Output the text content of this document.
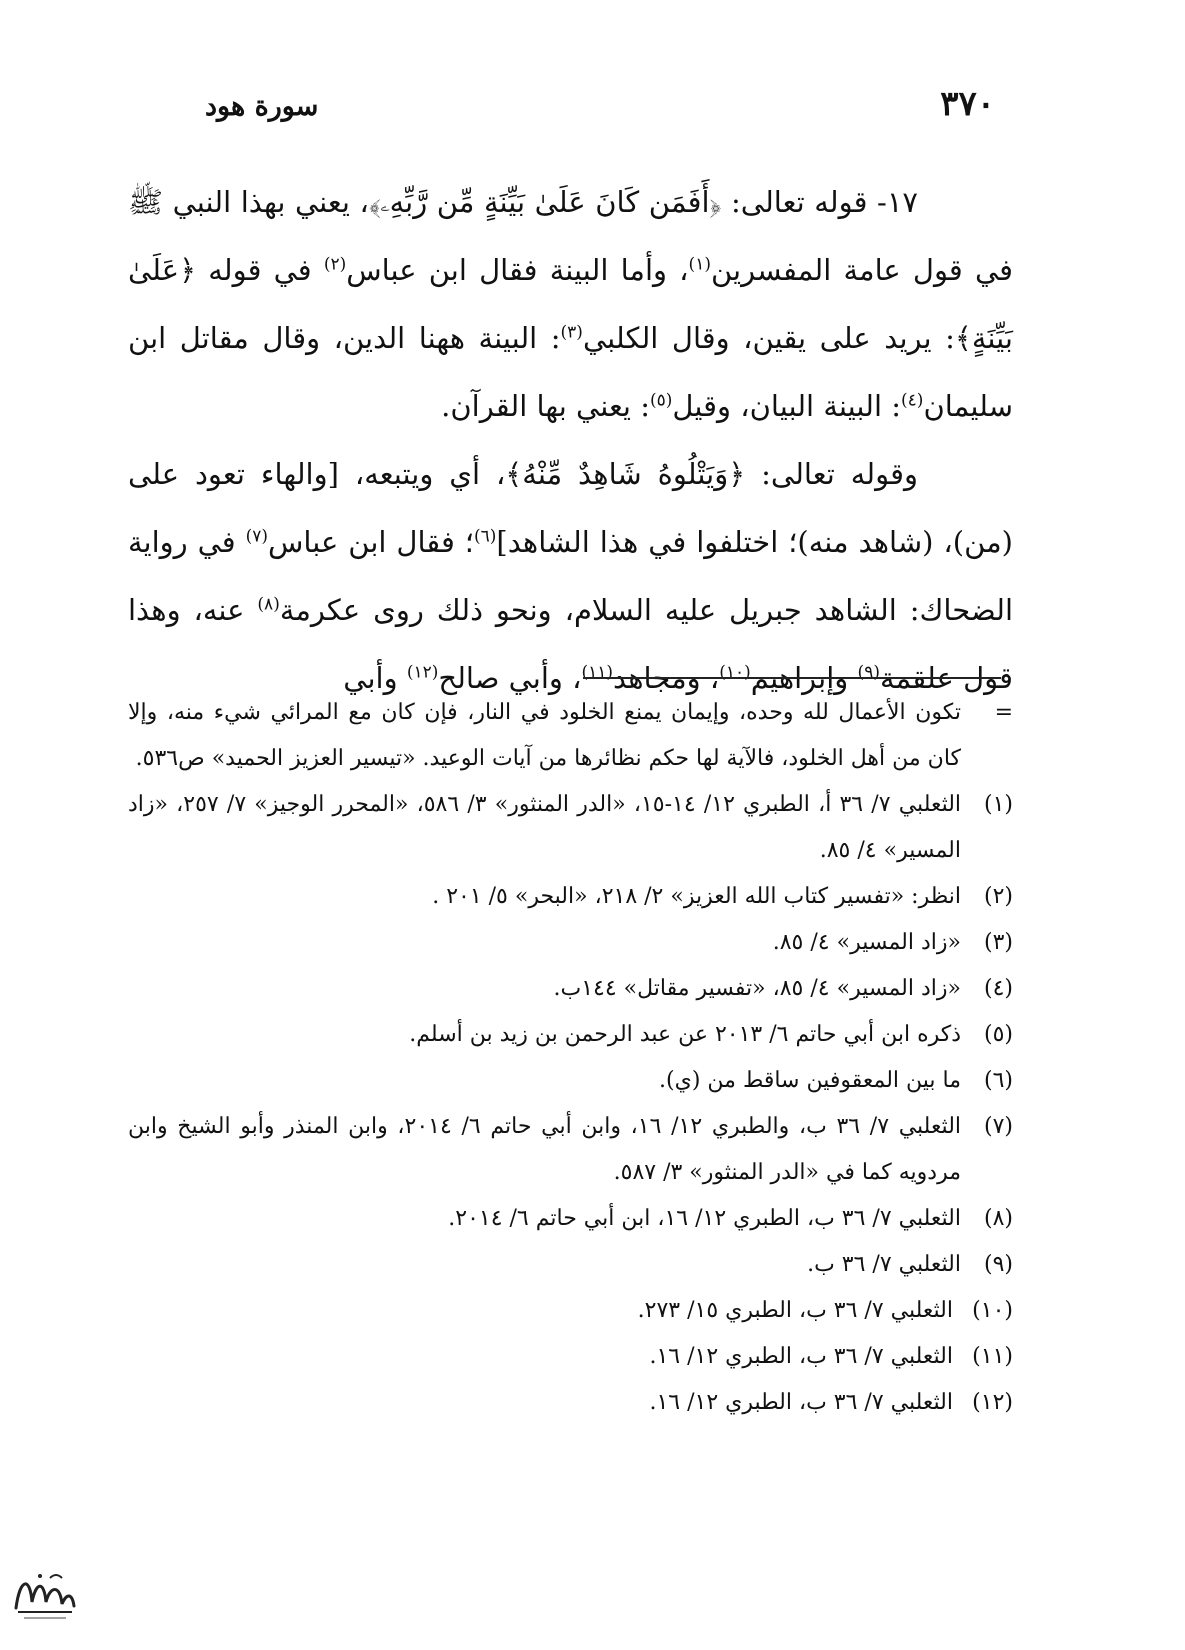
٣٧٠
سورة هود

١٧- قوله تعالى: ﴿أَفَمَن كَانَ عَلَىٰ بَيِّنَةٍ مِّن رَّبِّهِۦ﴾، يعني بهذا النبي ﷺ في قول عامة المفسرين$^{(١)}$، وأما البينة فقال ابن عباس$^{(٢)}$ في قوله ﴿عَلَىٰ بَيِّنَةٍ﴾: يريد على يقين، وقال الكلبي$^{(٣)}$: البينة ههنا الدين، وقال مقاتل ابن سليمان$^{(٤)}$: البينة البيان، وقيل$^{(٥)}$: يعني بها القرآن.

وقوله تعالى: ﴿وَيَتْلُوهُ شَاهِدٌ مِّنْهُ﴾، أي ويتبعه، [والهاء تعود على (من)، (شاهد منه)؛ اختلفوا في هذا الشاهد]$^{(٦)}$؛ فقال ابن عباس$^{(٧)}$ في رواية الضحاك: الشاهد جبريل عليه السلام، ونحو ذلك روى عكرمة$^{(٨)}$ عنه، وهذا قول علقمة$^{(٩)}$ وإبراهيم$^{(١٠)}$، ومجاهد$^{(١١)}$، وأبي صالح$^{(١٢)}$ وأبي

=
تكون الأعمال لله وحده، وإيمان يمنع الخلود في النار، فإن كان مع المرائي شيء منه، وإلا كان من أهل الخلود، فالآية لها حكم نظائرها من آيات الوعيد. «تيسير العزيز الحميد» ص٥٣٦.
(١)
الثعلبي ٧/ ٣٦ أ، الطبري ١٢/ ١٤-١٥، «الدر المنثور» ٣/ ٥٨٦، «المحرر الوجيز» ٧/ ٢٥٧، «زاد المسير» ٤/ ٨٥.
(٢)
انظر: «تفسير كتاب الله العزيز» ٢/ ٢١٨، «البحر» ٥/ ٢٠١ .
(٣)
«زاد المسير» ٤/ ٨٥.
(٤)
«زاد المسير» ٤/ ٨٥، «تفسير مقاتل» ١٤٤ب.
(٥)
ذكره ابن أبي حاتم ٦/ ٢٠١٣ عن عبد الرحمن بن زيد بن أسلم.
(٦)
ما بين المعقوفين ساقط من (ي).
(٧)
الثعلبي ٧/ ٣٦ ب، والطبري ١٢/ ١٦، وابن أبي حاتم ٦/ ٢٠١٤، وابن المنذر وأبو الشيخ وابن مردويه كما في «الدر المنثور» ٣/ ٥٨٧.
(٨)
الثعلبي ٧/ ٣٦ ب، الطبري ١٢/ ١٦، ابن أبي حاتم ٦/ ٢٠١٤.
(٩)
الثعلبي ٧/ ٣٦ ب.
(١٠)
الثعلبي ٧/ ٣٦ ب، الطبري ١٥/ ٢٧٣.
(١١)
الثعلبي ٧/ ٣٦ ب، الطبري ١٢/ ١٦.
(١٢)
الثعلبي ٧/ ٣٦ ب، الطبري ١٢/ ١٦.
